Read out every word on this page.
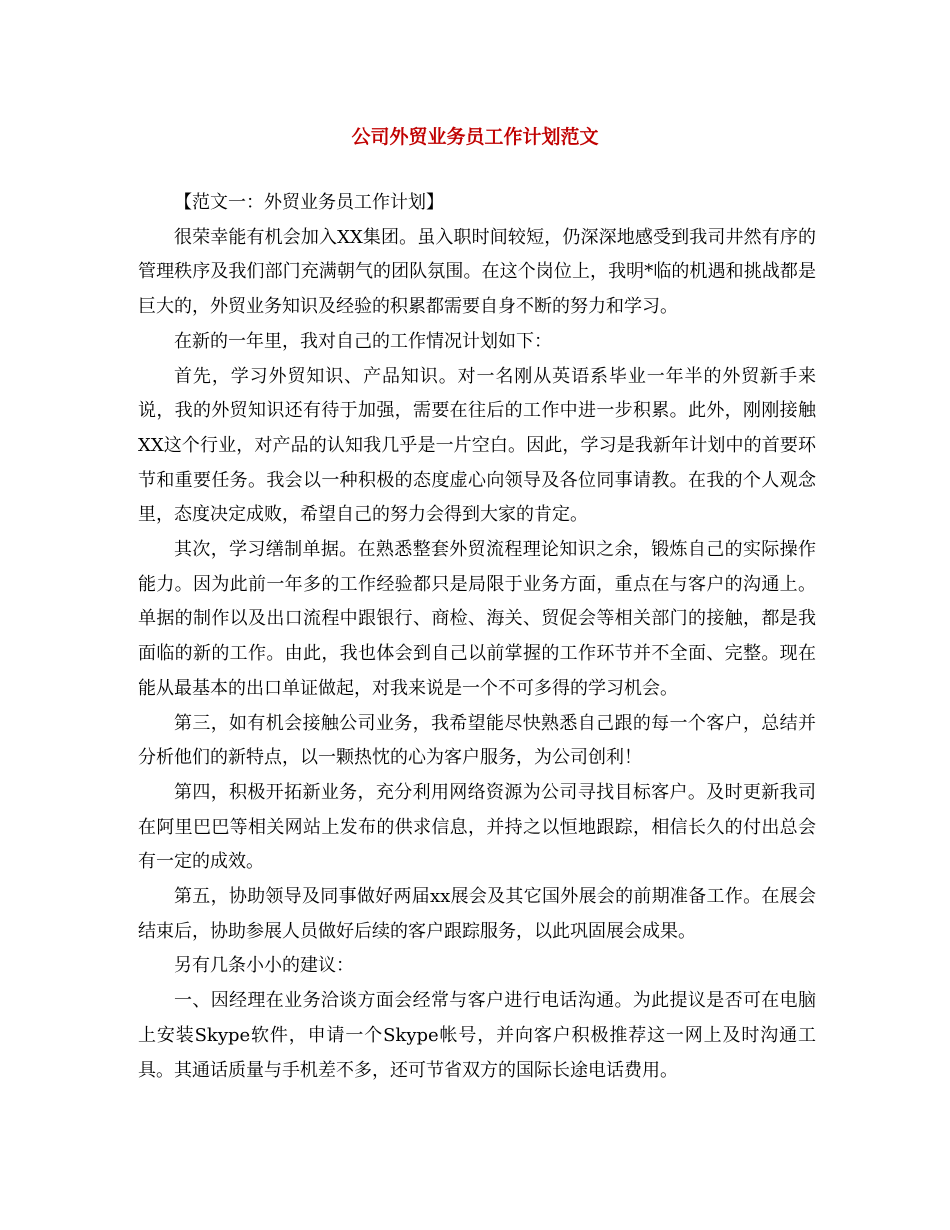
公司外贸业务员工作计划范文

【范文一：外贸业务员工作计划】

很荣幸能有机会加入XX集团。虽入职时间较短，仍深深地感受到我司井然有序的管理秩序及我们部门充满朝气的团队氛围。在这个岗位上，我明*临的机遇和挑战都是巨大的，外贸业务知识及经验的积累都需要自身不断的努力和学习。

在新的一年里，我对自己的工作情况计划如下：

首先，学习外贸知识、产品知识。对一名刚从英语系毕业一年半的外贸新手来说，我的外贸知识还有待于加强，需要在往后的工作中进一步积累。此外，刚刚接触XX这个行业，对产品的认知我几乎是一片空白。因此，学习是我新年计划中的首要环节和重要任务。我会以一种积极的态度虚心向领导及各位同事请教。在我的个人观念里，态度决定成败，希望自己的努力会得到大家的肯定。

其次，学习缮制单据。在熟悉整套外贸流程理论知识之余，锻炼自己的实际操作能力。因为此前一年多的工作经验都只是局限于业务方面，重点在与客户的沟通上。单据的制作以及出口流程中跟银行、商检、海关、贸促会等相关部门的接触，都是我面临的新的工作。由此，我也体会到自己以前掌握的工作环节并不全面、完整。现在能从最基本的出口单证做起，对我来说是一个不可多得的学习机会。

第三，如有机会接触公司业务，我希望能尽快熟悉自己跟的每一个客户，总结并分析他们的新特点，以一颗热忱的心为客户服务，为公司创利！

第四，积极开拓新业务，充分利用网络资源为公司寻找目标客户。及时更新我司在阿里巴巴等相关网站上发布的供求信息，并持之以恒地跟踪，相信长久的付出总会有一定的成效。

第五，协助领导及同事做好两届xx展会及其它国外展会的前期准备工作。在展会结束后，协助参展人员做好后续的客户跟踪服务，以此巩固展会成果。

另有几条小小的建议：

一、因经理在业务洽谈方面会经常与客户进行电话沟通。为此提议是否可在电脑上安装Skype软件，申请一个Skype帐号，并向客户积极推荐这一网上及时沟通工具。其通话质量与手机差不多，还可节省双方的国际长途电话费用。
